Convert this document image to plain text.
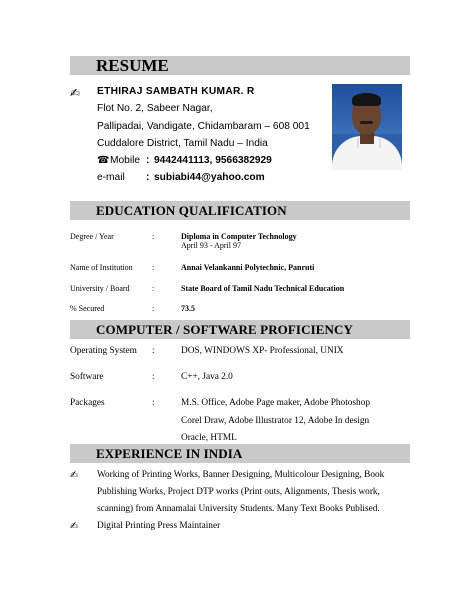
RESUME
✍ ETHIRAJ SAMBATH KUMAR. R
Flot No. 2, Sabeer Nagar,
Pallipadai, Vandigate, Chidambaram – 608 001
Cuddalore District, Tamil Nadu – India
☎ Mobile : 9442441113, 9566382929
e-mail : subiabi44@yahoo.com
EDUCATION QUALIFICATION
Degree / Year	:	Diploma in Computer Technology
April 93 - April 97
Name of Institution :	Annai Velankanni Polytechnic, Panruti
University / Board	:	State Board of Tamil Nadu Technical Education
% Secured	:	73.5
COMPUTER / SOFTWARE PROFICIENCY
Operating System :	DOS, WINDOWS XP- Professional, UNIX
Software	:	C++, Java 2.0
Packages	:	M.S. Office, Adobe Page maker, Adobe Photoshop
Corel Draw, Adobe Illustrator 12, Adobe In design
Oracle, HTML
EXPERIENCE IN INDIA
✍ Working of Printing Works, Banner Designing, Multicolour Designing, Book
Publishing Works, Project DTP works (Print outs, Alignments, Thesis work,
scanning) from Annamalai University Students. Many Text Books Publised.
✍ Digital Printing Press Maintainer
